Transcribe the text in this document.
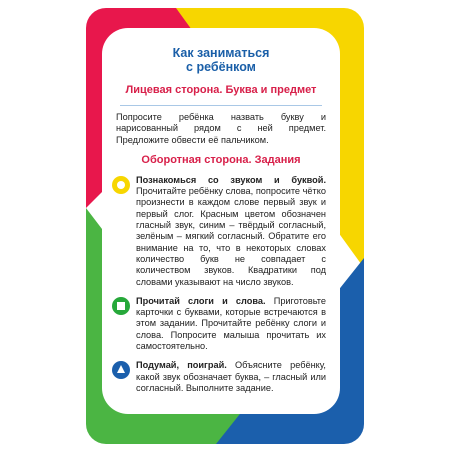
Как заниматься
с ребёнком
Лицевая сторона. Буква и предмет
Попросите ребёнка назвать букву и нарисованный рядом с ней предмет. Предложите обвести её пальчиком.
Оборотная сторона. Задания
Познакомься со звуком и буквой. Прочитайте ребёнку слова, попросите чётко произнести в каждом слове первый звук и первый слог. Красным цветом обозначен гласный звук, синим – твёрдый согласный, зелёным – мягкий согласный. Обратите его внимание на то, что в некоторых словах количество букв не совпадает с количеством звуков. Квадратики под словами указывают на число звуков.
Прочитай слоги и слова. Приготовьте карточки с буквами, которые встречаются в этом задании. Прочитайте ребёнку слоги и слова. Попросите малыша прочитать их самостоятельно.
Подумай, поиграй. Объясните ребёнку, какой звук обозначает буква, – гласный или согласный. Выполните задание.
